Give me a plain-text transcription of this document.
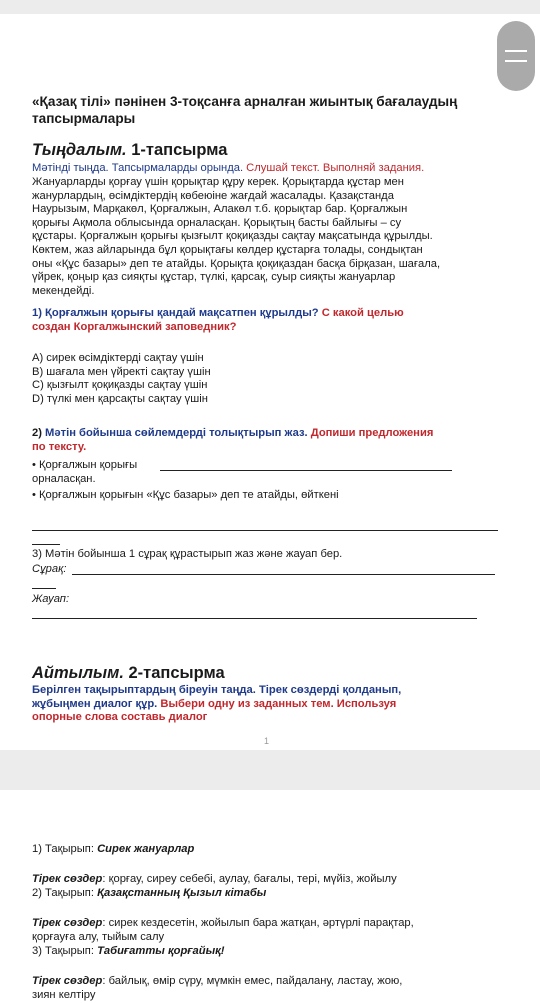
«Қазақ тілі» пәнінен 3-тоқсанға арналған жиынтық бағалаудың
тапсырмалары
Тыңдалым. 1-тапсырма
Мәтінді тыңда. Тапсырмаларды орында. Слушай текст. Выполняй задания.
Жануарларды қорғау үшін қорықтар құру керек. Қорықтарда құстар мен
жанурлардың, өсімдіктердің көбеюіне жағдай жасалады. Қазақстанда
Наурызым, Марқакөл, Қорғалжын, Алакөл т.б. қорықтар бар. Қорғалжын
қорығы Ақмола облысында орналасқан. Қорықтың басты байлығы – су
құстары. Қорғалжын қорығы қызғылт қоқиқазды сақтау мақсатында құрылды.
Көктем, жаз айларында бұл қорықтағы көлдер құстарға толады, сондықтан
оны «Құс базары» деп те атайды. Қорықта қоқиқаздан басқа бірқазан, шағала,
үйрек, қоңыр қаз сияқты құстар, түлкі, қарсақ, суыр сияқты жануарлар
мекендейді.
1) Қорғалжын қорығы қандай мақсатпен құрылды? С какой целью
создан Коргалжынский заповедник?
A) сирек өсімдіктерді сақтау үшін
B) шағала мен үйректі сақтау үшін
C) қызғылт қоқиқазды сақтау үшін
D) түлкі мен қарсақты сақтау үшін
2) Мәтін бойынша сөйлемдерді толықтырып жаз. Допиши предложения
по тексту.
• Қорғалжын қорығы
орналасқан.
• Қорғалжын қорығын «Құс базары» деп те атайды, өйткені
3) Мәтін бойынша 1 сұрақ құрастырып жаз және жауап бер.
Сұрақ:
Жауап:
Айтылым. 2-тапсырма
Берілген тақырыптардың біреуін таңда. Тірек сөздерді қолданып,
жұбыңмен диалог құр. Выбери одну из заданных тем. Используя
опорные слова составь диалог
1
1) Тақырып: Сирек жануарлар
Тірек сөздер: қорғау, сиреу себебі, аулау, бағалы, тері, мүйіз, жойылу
2) Тақырып: Қазақстанның Қызыл кітабы
Тірек сөздер: сирек кездесетін, жойылып бара жатқан, әртүрлі парақтар,
қорғауға алу, тыйым салу
3) Тақырып: Табиғатты қорғайық!
Тірек сөздер: байлық, өмір сүру, мүмкін емес, пайдалану, ластау, жою,
зиян келтіру
